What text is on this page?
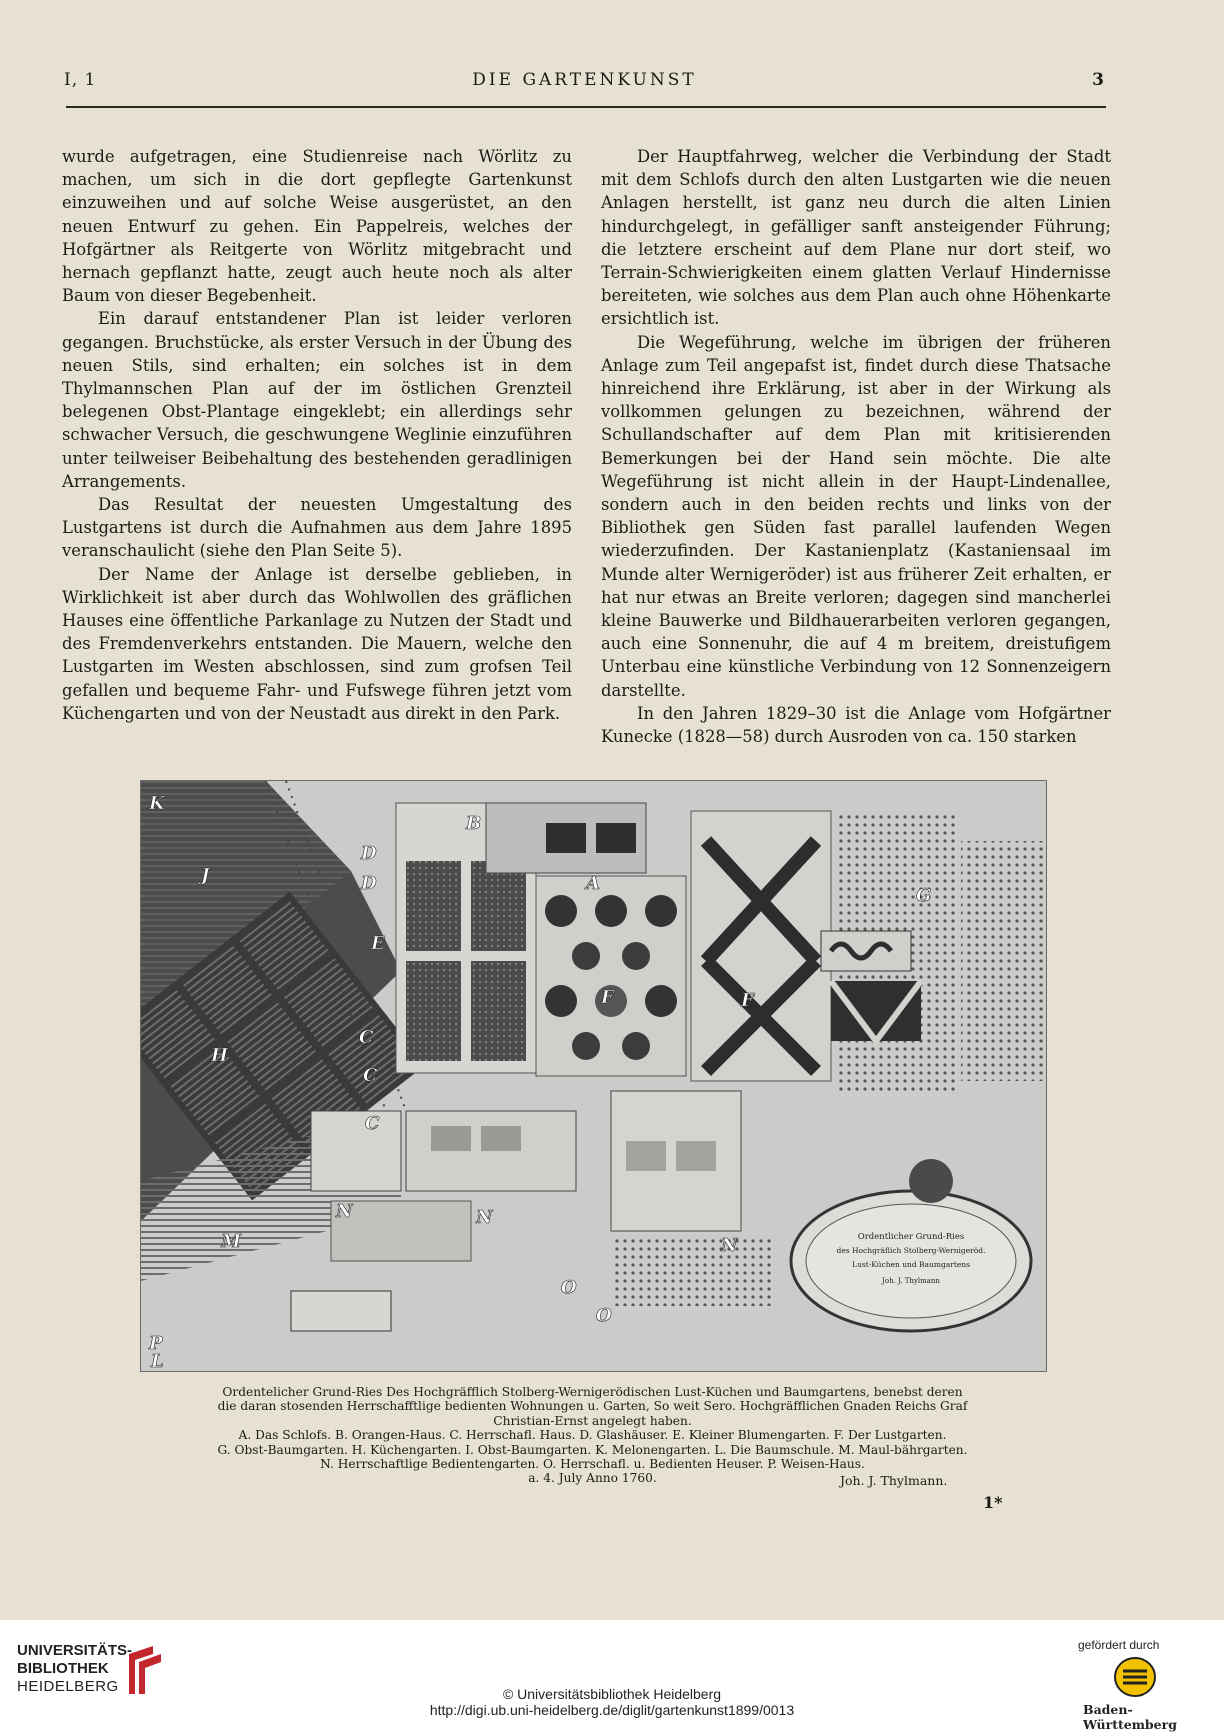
I, 1	DIE GARTENKUNST	3

wurde aufgetragen, eine Studienreise nach Wörlitz zu machen, um sich in die dort gepflegte Gartenkunst einzuweihen und auf solche Weise ausgerüstet, an den neuen Entwurf zu gehen. Ein Pappelreis, welches der Hofgärtner als Reitgerte von Wörlitz mitgebracht und hernach gepflanzt hatte, zeugt auch heute noch als alter Baum von dieser Begebenheit.

Ein darauf entstandener Plan ist leider verloren gegangen. Bruchstücke, als erster Versuch in der Übung des neuen Stils, sind erhalten; ein solches ist in dem Thylmannschen Plan auf der im östlichen Grenzteil belegenen Obst-Plantage eingeklebt; ein allerdings sehr schwacher Versuch, die geschwungene Weglinie einzuführen unter teilweiser Beibehaltung des bestehenden geradlinigen Arrangements.

Das Resultat der neuesten Umgestaltung des Lustgartens ist durch die Aufnahmen aus dem Jahre 1895 veranschaulicht (siehe den Plan Seite 5).

Der Name der Anlage ist derselbe geblieben, in Wirklichkeit ist aber durch das Wohlwollen des gräflichen Hauses eine öffentliche Parkanlage zu Nutzen der Stadt und des Fremdenverkehrs entstanden. Die Mauern, welche den Lustgarten im Westen abschlossen, sind zum grofsen Teil gefallen und bequeme Fahr- und Fufswege führen jetzt vom Küchengarten und von der Neustadt aus direkt in den Park.

Der Hauptfahrweg, welcher die Verbindung der Stadt mit dem Schlofs durch den alten Lustgarten wie die neuen Anlagen herstellt, ist ganz neu durch die alten Linien hindurchgelegt, in gefälliger sanft ansteigender Führung; die letztere erscheint auf dem Plane nur dort steif, wo Terrain-Schwierigkeiten einem glatten Verlauf Hindernisse bereiteten, wie solches aus dem Plan auch ohne Höhenkarte ersichtlich ist.

Die Wegeführung, welche im übrigen der früheren Anlage zum Teil angepafst ist, findet durch diese Thatsache hinreichend ihre Erklärung, ist aber in der Wirkung als vollkommen gelungen zu bezeichnen, während der Schullandschafter auf dem Plan mit kritisierenden Bemerkungen bei der Hand sein möchte. Die alte Wegeführung ist nicht allein in der Haupt-Lindenallee, sondern auch in den beiden rechts und links von der Bibliothek gen Süden fast parallel laufenden Wegen wiederzufinden. Der Kastanienplatz (Kastaniensaal im Munde alter Wernigeröder) ist aus früherer Zeit erhalten, er hat nur etwas an Breite verloren; dagegen sind mancherlei kleine Bauwerke und Bildhauerarbeiten verloren gegangen, auch eine Sonnenuhr, die auf 4 m breitem, dreistufigem Unterbau eine künstliche Verbindung von 12 Sonnenzeigern darstellte.

In den Jahren 1829–30 ist die Anlage vom Hofgärtner Kunecke (1828—58) durch Ausroden von ca. 150 starken

Ordentlicher Grund-Ries
des Hochgräflich Stolberg-Wernigeröd.
Lust-Küchen und Baumgartens
Joh. J. Thylmann
K
J
H
B
D
D
E
A
F	F
G
C
C
C
M
N	N
N
O
O
P
L
Ordentelicher Grund-Ries Des Hochgräfflich Stolberg-Wernigerödischen Lust-Küchen und Baumgartens, benebst deren
die daran stosenden Herrschafftlige bedienten Wohnungen u. Garten, So weit Sero. Hochgräfflichen Gnaden Reichs Graf
Christian-Ernst angelegt haben.
A. Das Schlofs. B. Orangen-Haus. C. Herrschafl. Haus. D. Glashäuser. E. Kleiner Blumengarten. F. Der Lustgarten.
G. Obst-Baumgarten. H. Küchengarten. I. Obst-Baumgarten. K. Melonengarten. L. Die Baumschule. M. Maul-bährgarten.
N. Herrschaftlige Bedientengarten. O. Herrschafl. u. Bedienten Heuser. P. Weisen-Haus.
a. 4. July Anno 1760.	Joh. J. Thylmann.
1*
UNIVERSITÄTS-
BIBLIOTHEK
HEIDELBERG	© Universitätsbibliothek Heidelberg
http://digi.ub.uni-heidelberg.de/diglit/gartenkunst1899/0013
gefördert durch
Baden-Württemberg
